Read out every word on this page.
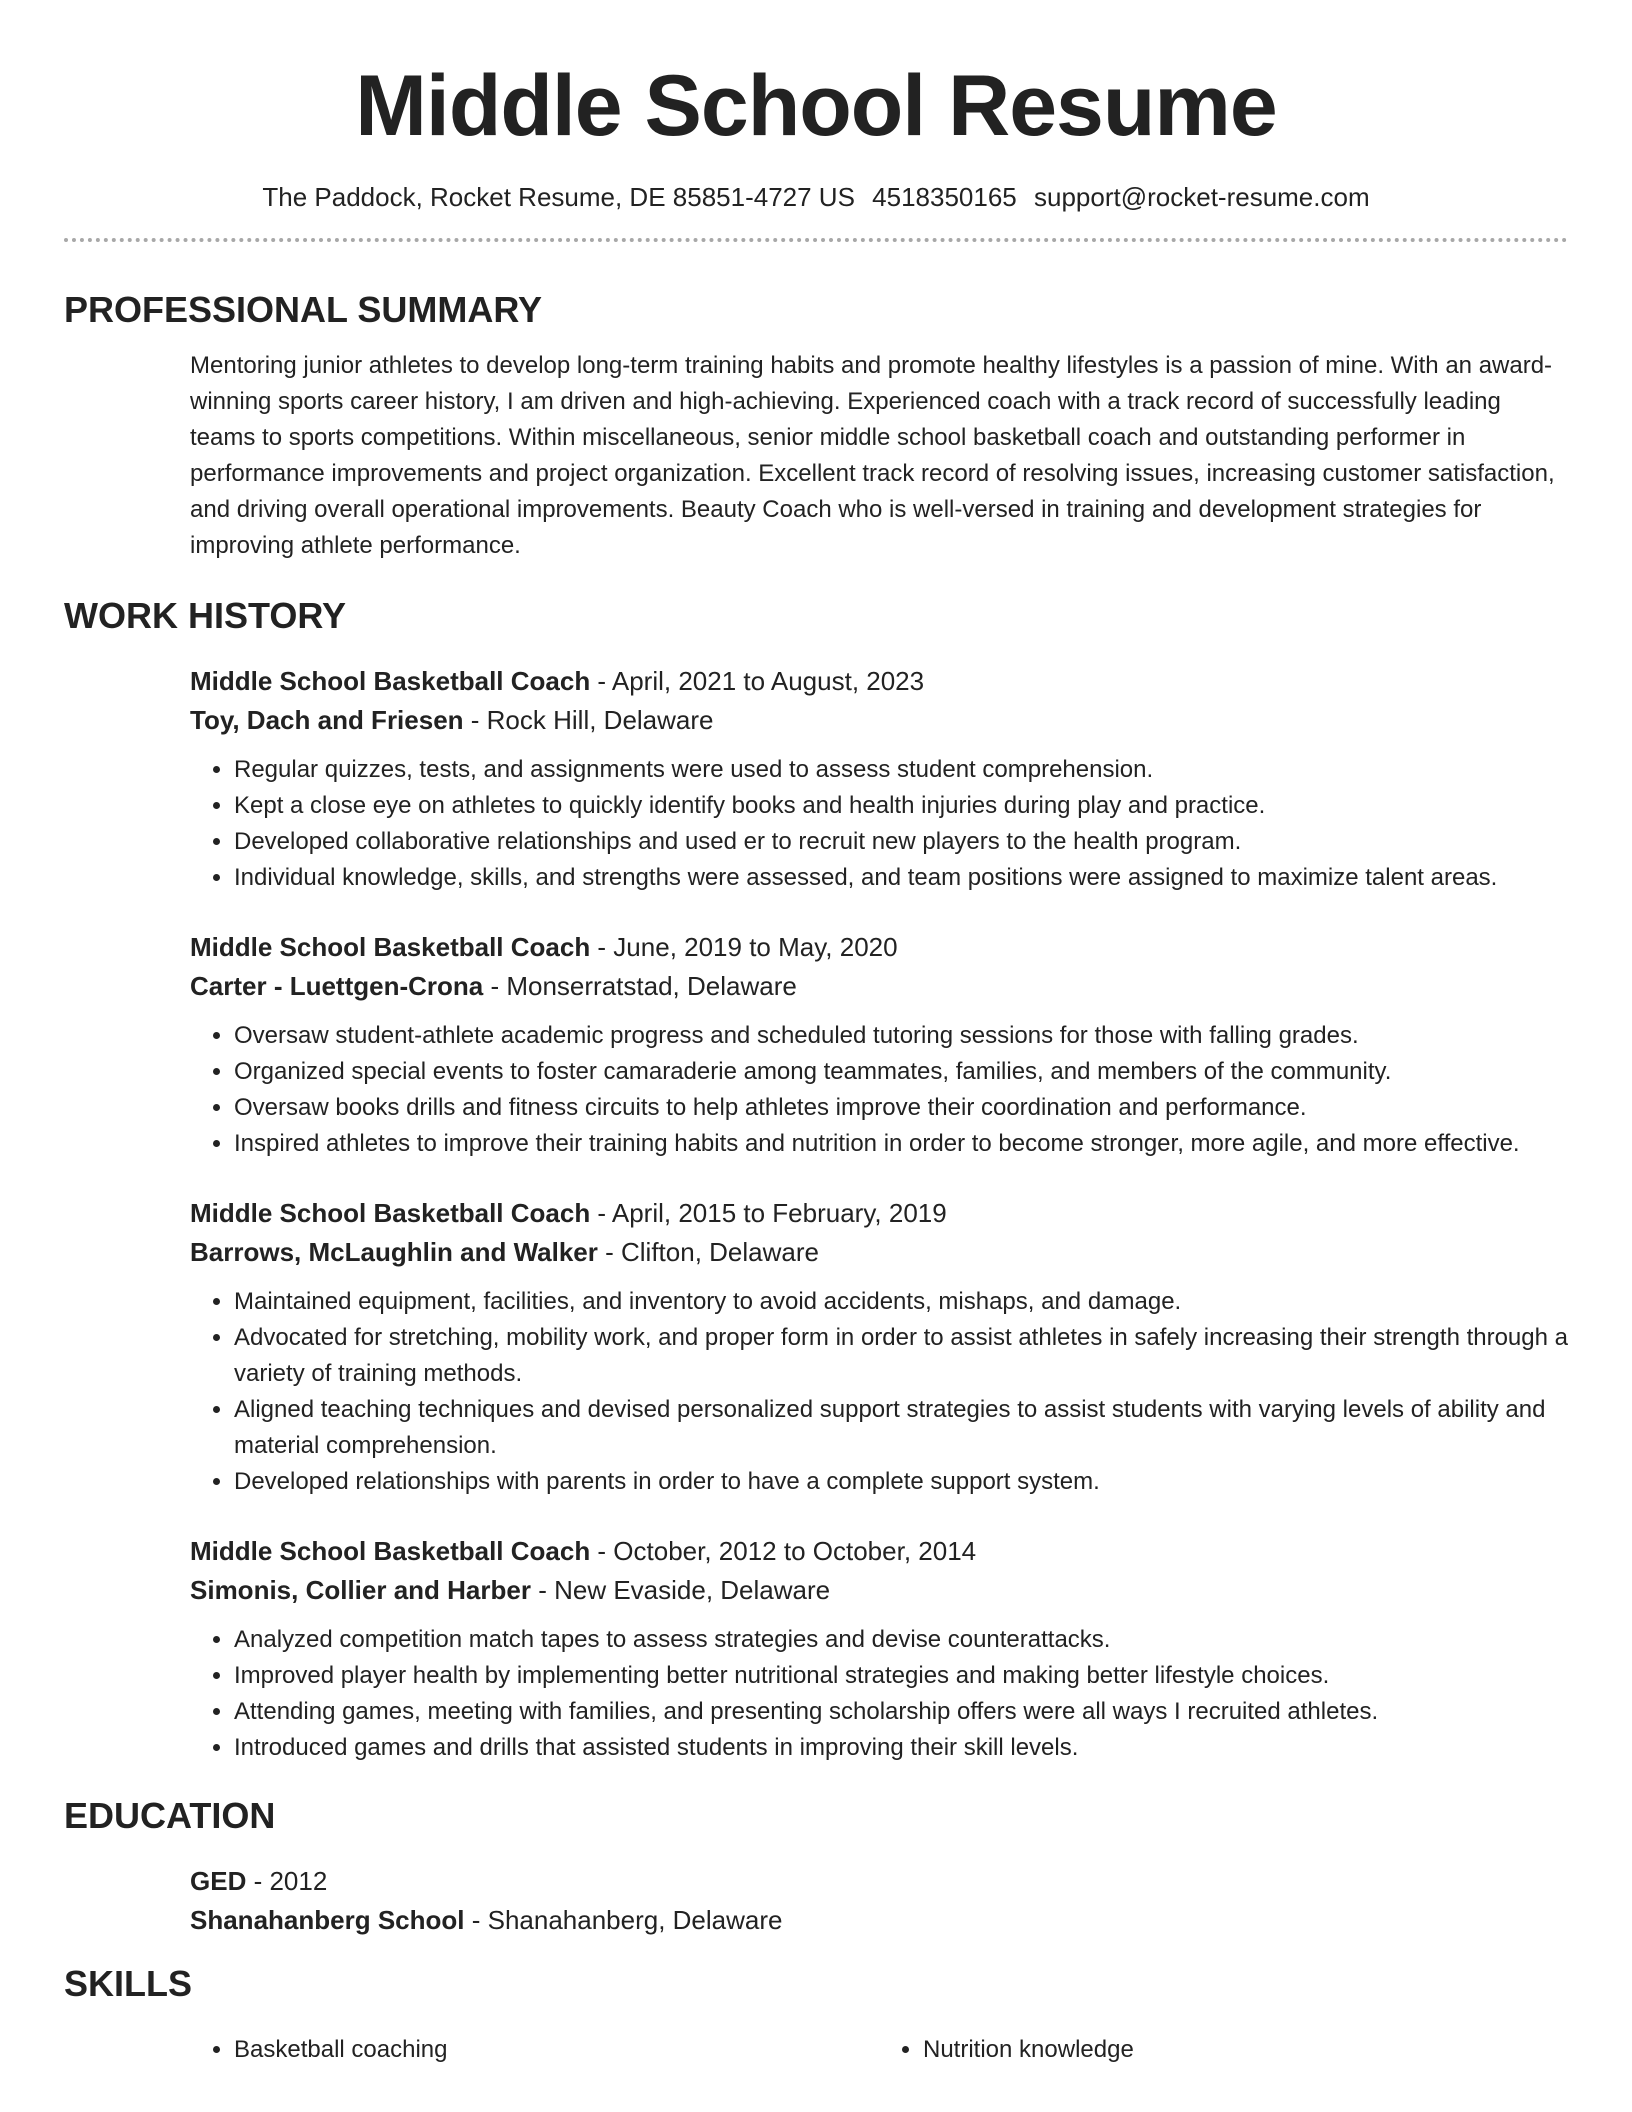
Middle School Resume
The Paddock, Rocket Resume, DE 85851-4727 US 4518350165 support@rocket-resume.com
PROFESSIONAL SUMMARY
Mentoring junior athletes to develop long-term training habits and promote healthy lifestyles is a passion of mine. With an award-winning sports career history, I am driven and high-achieving. Experienced coach with a track record of successfully leading teams to sports competitions. Within miscellaneous, senior middle school basketball coach and outstanding performer in performance improvements and project organization. Excellent track record of resolving issues, increasing customer satisfaction, and driving overall operational improvements. Beauty Coach who is well-versed in training and development strategies for improving athlete performance.
WORK HISTORY
Middle School Basketball Coach - April, 2021 to August, 2023
Toy, Dach and Friesen - Rock Hill, Delaware
• Regular quizzes, tests, and assignments were used to assess student comprehension.
• Kept a close eye on athletes to quickly identify books and health injuries during play and practice.
• Developed collaborative relationships and used er to recruit new players to the health program.
• Individual knowledge, skills, and strengths were assessed, and team positions were assigned to maximize talent areas.
Middle School Basketball Coach - June, 2019 to May, 2020
Carter - Luettgen-Crona - Monserratstad, Delaware
• Oversaw student-athlete academic progress and scheduled tutoring sessions for those with falling grades.
• Organized special events to foster camaraderie among teammates, families, and members of the community.
• Oversaw books drills and fitness circuits to help athletes improve their coordination and performance.
• Inspired athletes to improve their training habits and nutrition in order to become stronger, more agile, and more effective.
Middle School Basketball Coach - April, 2015 to February, 2019
Barrows, McLaughlin and Walker - Clifton, Delaware
• Maintained equipment, facilities, and inventory to avoid accidents, mishaps, and damage.
• Advocated for stretching, mobility work, and proper form in order to assist athletes in safely increasing their strength through a variety of training methods.
• Aligned teaching techniques and devised personalized support strategies to assist students with varying levels of ability and material comprehension.
• Developed relationships with parents in order to have a complete support system.
Middle School Basketball Coach - October, 2012 to October, 2014
Simonis, Collier and Harber - New Evaside, Delaware
• Analyzed competition match tapes to assess strategies and devise counterattacks.
• Improved player health by implementing better nutritional strategies and making better lifestyle choices.
• Attending games, meeting with families, and presenting scholarship offers were all ways I recruited athletes.
• Introduced games and drills that assisted students in improving their skill levels.
EDUCATION
GED - 2012
Shanahanberg School - Shanahanberg, Delaware
SKILLS
• Basketball coaching
•	Nutrition knowledge
